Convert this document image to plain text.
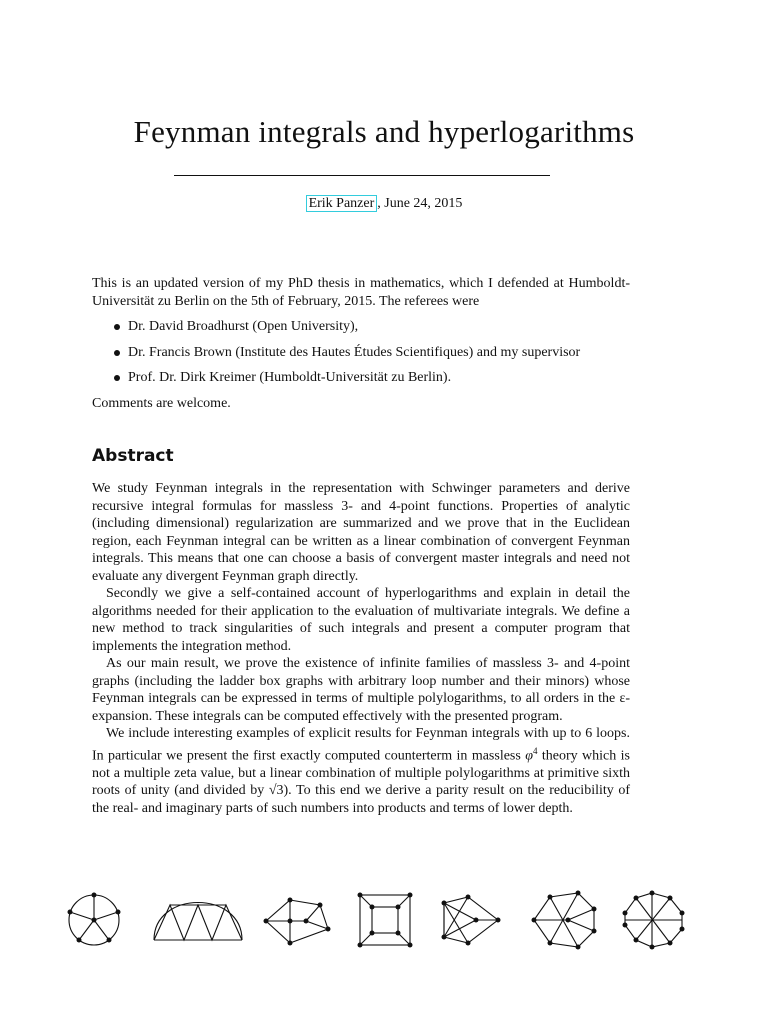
Feynman integrals and hyperlogarithms
Erik Panzer , June 24, 2015

This is an updated version of my PhD thesis in mathematics, which I defended at Humboldt-Universität zu Berlin on the 5th of February, 2015. The referees were

Dr. David Broadhurst (Open University),
Dr. Francis Brown (Institute des Hautes Études Scientifiques) and my supervisor
Prof. Dr. Dirk Kreimer (Humboldt-Universität zu Berlin).

Comments are welcome.

Abstract

We study Feynman integrals in the representation with Schwinger parameters and derive recursive integral formulas for massless 3- and 4-point functions. Properties of analytic (including dimensional) regularization are summarized and we prove that in the Euclidean region, each Feynman integral can be written as a linear combination of convergent Feynman integrals. This means that one can choose a basis of convergent master integrals and need not evaluate any divergent Feynman graph directly.

Secondly we give a self-contained account of hyperlogarithms and explain in detail the algorithms needed for their application to the evaluation of multivariate integrals. We define a new method to track singularities of such integrals and present a computer program that implements the integration method.

As our main result, we prove the existence of infinite families of massless 3- and 4-point graphs (including the ladder box graphs with arbitrary loop number and their minors) whose Feynman integrals can be expressed in terms of multiple polylogarithms, to all orders in the ε-expansion. These integrals can be computed effectively with the presented program.

We include interesting examples of explicit results for Feynman integrals with up to 6 loops. In particular we present the first exactly computed counterterm in massless $\varphi^4$ theory which is not a multiple zeta value, but a linear combination of multiple polylogarithms at primitive sixth roots of unity (and divided by √3). To this end we derive a parity result on the reducibility of the real- and imaginary parts of such numbers into products and terms of lower depth.
